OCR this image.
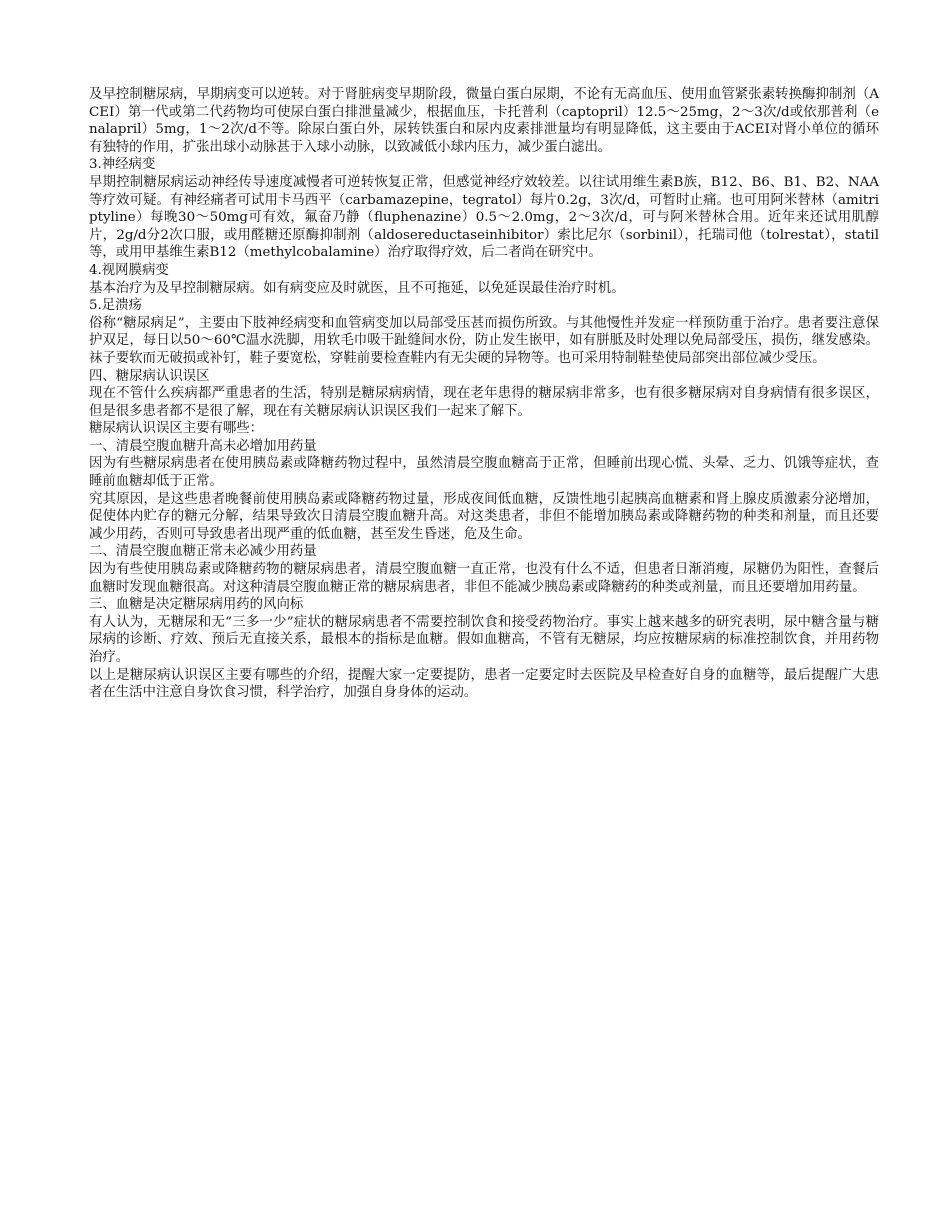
及早控制糖尿病，早期病变可以逆转。对于肾脏病变早期阶段，微量白蛋白尿期，不论有无高血压、使用血管紧张素转换酶抑制剂（ACEI）第一代或第二代药物均可使尿白蛋白排泄量减少，根据血压，卡托普利（captopril）12.5～25mg，2～3次/d或依那普利（enalapril）5mg，1～2次/d不等。除尿白蛋白外，尿转铁蛋白和尿内皮素排泄量均有明显降低，这主要由于ACEI对肾小单位的循环有独特的作用，扩张出球小动脉甚于入球小动脉，以致减低小球内压力，减少蛋白滤出。

3.神经病变

早期控制糖尿病运动神经传导速度减慢者可逆转恢复正常，但感觉神经疗效较差。以往试用维生素B族，B12、B6、B1、B2、NAA等疗效可疑。有神经痛者可试用卡马西平（carbamazepine，tegratol）每片0.2g，3次/d，可暂时止痛。也可用阿米替林（amitriptyline）每晚30～50mg可有效，氟奋乃静（fluphenazine）0.5～2.0mg，2～3次/d，可与阿米替林合用。近年来还试用肌醇片，2g/d分2次口服，或用醛糖还原酶抑制剂（aldosereductaseinhibitor）索比尼尔（sorbinil），托瑞司他（tolrestat），statil等，或用甲基维生素B12（methylcobalamine）治疗取得疗效，后二者尚在研究中。

4.视网膜病变

基本治疗为及早控制糖尿病。如有病变应及时就医，且不可拖延，以免延误最佳治疗时机。

5.足溃疡

俗称“糖尿病足”，主要由下肢神经病变和血管病变加以局部受压甚而损伤所致。与其他慢性并发症一样预防重于治疗。患者要注意保护双足，每日以50～60℃温水洗脚，用软毛巾吸干趾缝间水份，防止发生嵌甲，如有胼胝及时处理以免局部受压，损伤，继发感染。袜子要软而无破损或补钉，鞋子要宽松，穿鞋前要检查鞋内有无尖硬的异物等。也可采用特制鞋垫使局部突出部位减少受压。

四、糖尿病认识误区

现在不管什么疾病都严重患者的生活，特别是糖尿病病情，现在老年患得的糖尿病非常多，也有很多糖尿病对自身病情有很多误区，但是很多患者都不是很了解，现在有关糖尿病认识误区我们一起来了解下。

糖尿病认识误区主要有哪些：

一、清晨空腹血糖升高未必增加用药量

因为有些糖尿病患者在使用胰岛素或降糖药物过程中，虽然清晨空腹血糖高于正常，但睡前出现心慌、头晕、乏力、饥饿等症状，查睡前血糖却低于正常。

究其原因，是这些患者晚餐前使用胰岛素或降糖药物过量，形成夜间低血糖，反馈性地引起胰高血糖素和肾上腺皮质激素分泌增加，促使体内贮存的糖元分解，结果导致次日清晨空腹血糖升高。对这类患者，非但不能增加胰岛素或降糖药物的种类和剂量，而且还要减少用药，否则可导致患者出现严重的低血糖，甚至发生昏迷，危及生命。

二、清晨空腹血糖正常未必减少用药量

因为有些使用胰岛素或降糖药物的糖尿病患者，清晨空腹血糖一直正常，也没有什么不适，但患者日渐消瘦，尿糖仍为阳性，查餐后血糖时发现血糖很高。对这种清晨空腹血糖正常的糖尿病患者，非但不能减少胰岛素或降糖药的种类或剂量，而且还要增加用药量。

三、血糖是决定糖尿病用药的风向标

有人认为，无糖尿和无“三多一少”症状的糖尿病患者不需要控制饮食和接受药物治疗。事实上越来越多的研究表明，尿中糖含量与糖尿病的诊断、疗效、预后无直接关系，最根本的指标是血糖。假如血糖高，不管有无糖尿，均应按糖尿病的标准控制饮食，并用药物治疗。

以上是糖尿病认识误区主要有哪些的介绍，提醒大家一定要提防，患者一定要定时去医院及早检查好自身的血糖等，最后提醒广大患者在生活中注意自身饮食习惯，科学治疗，加强自身身体的运动。
